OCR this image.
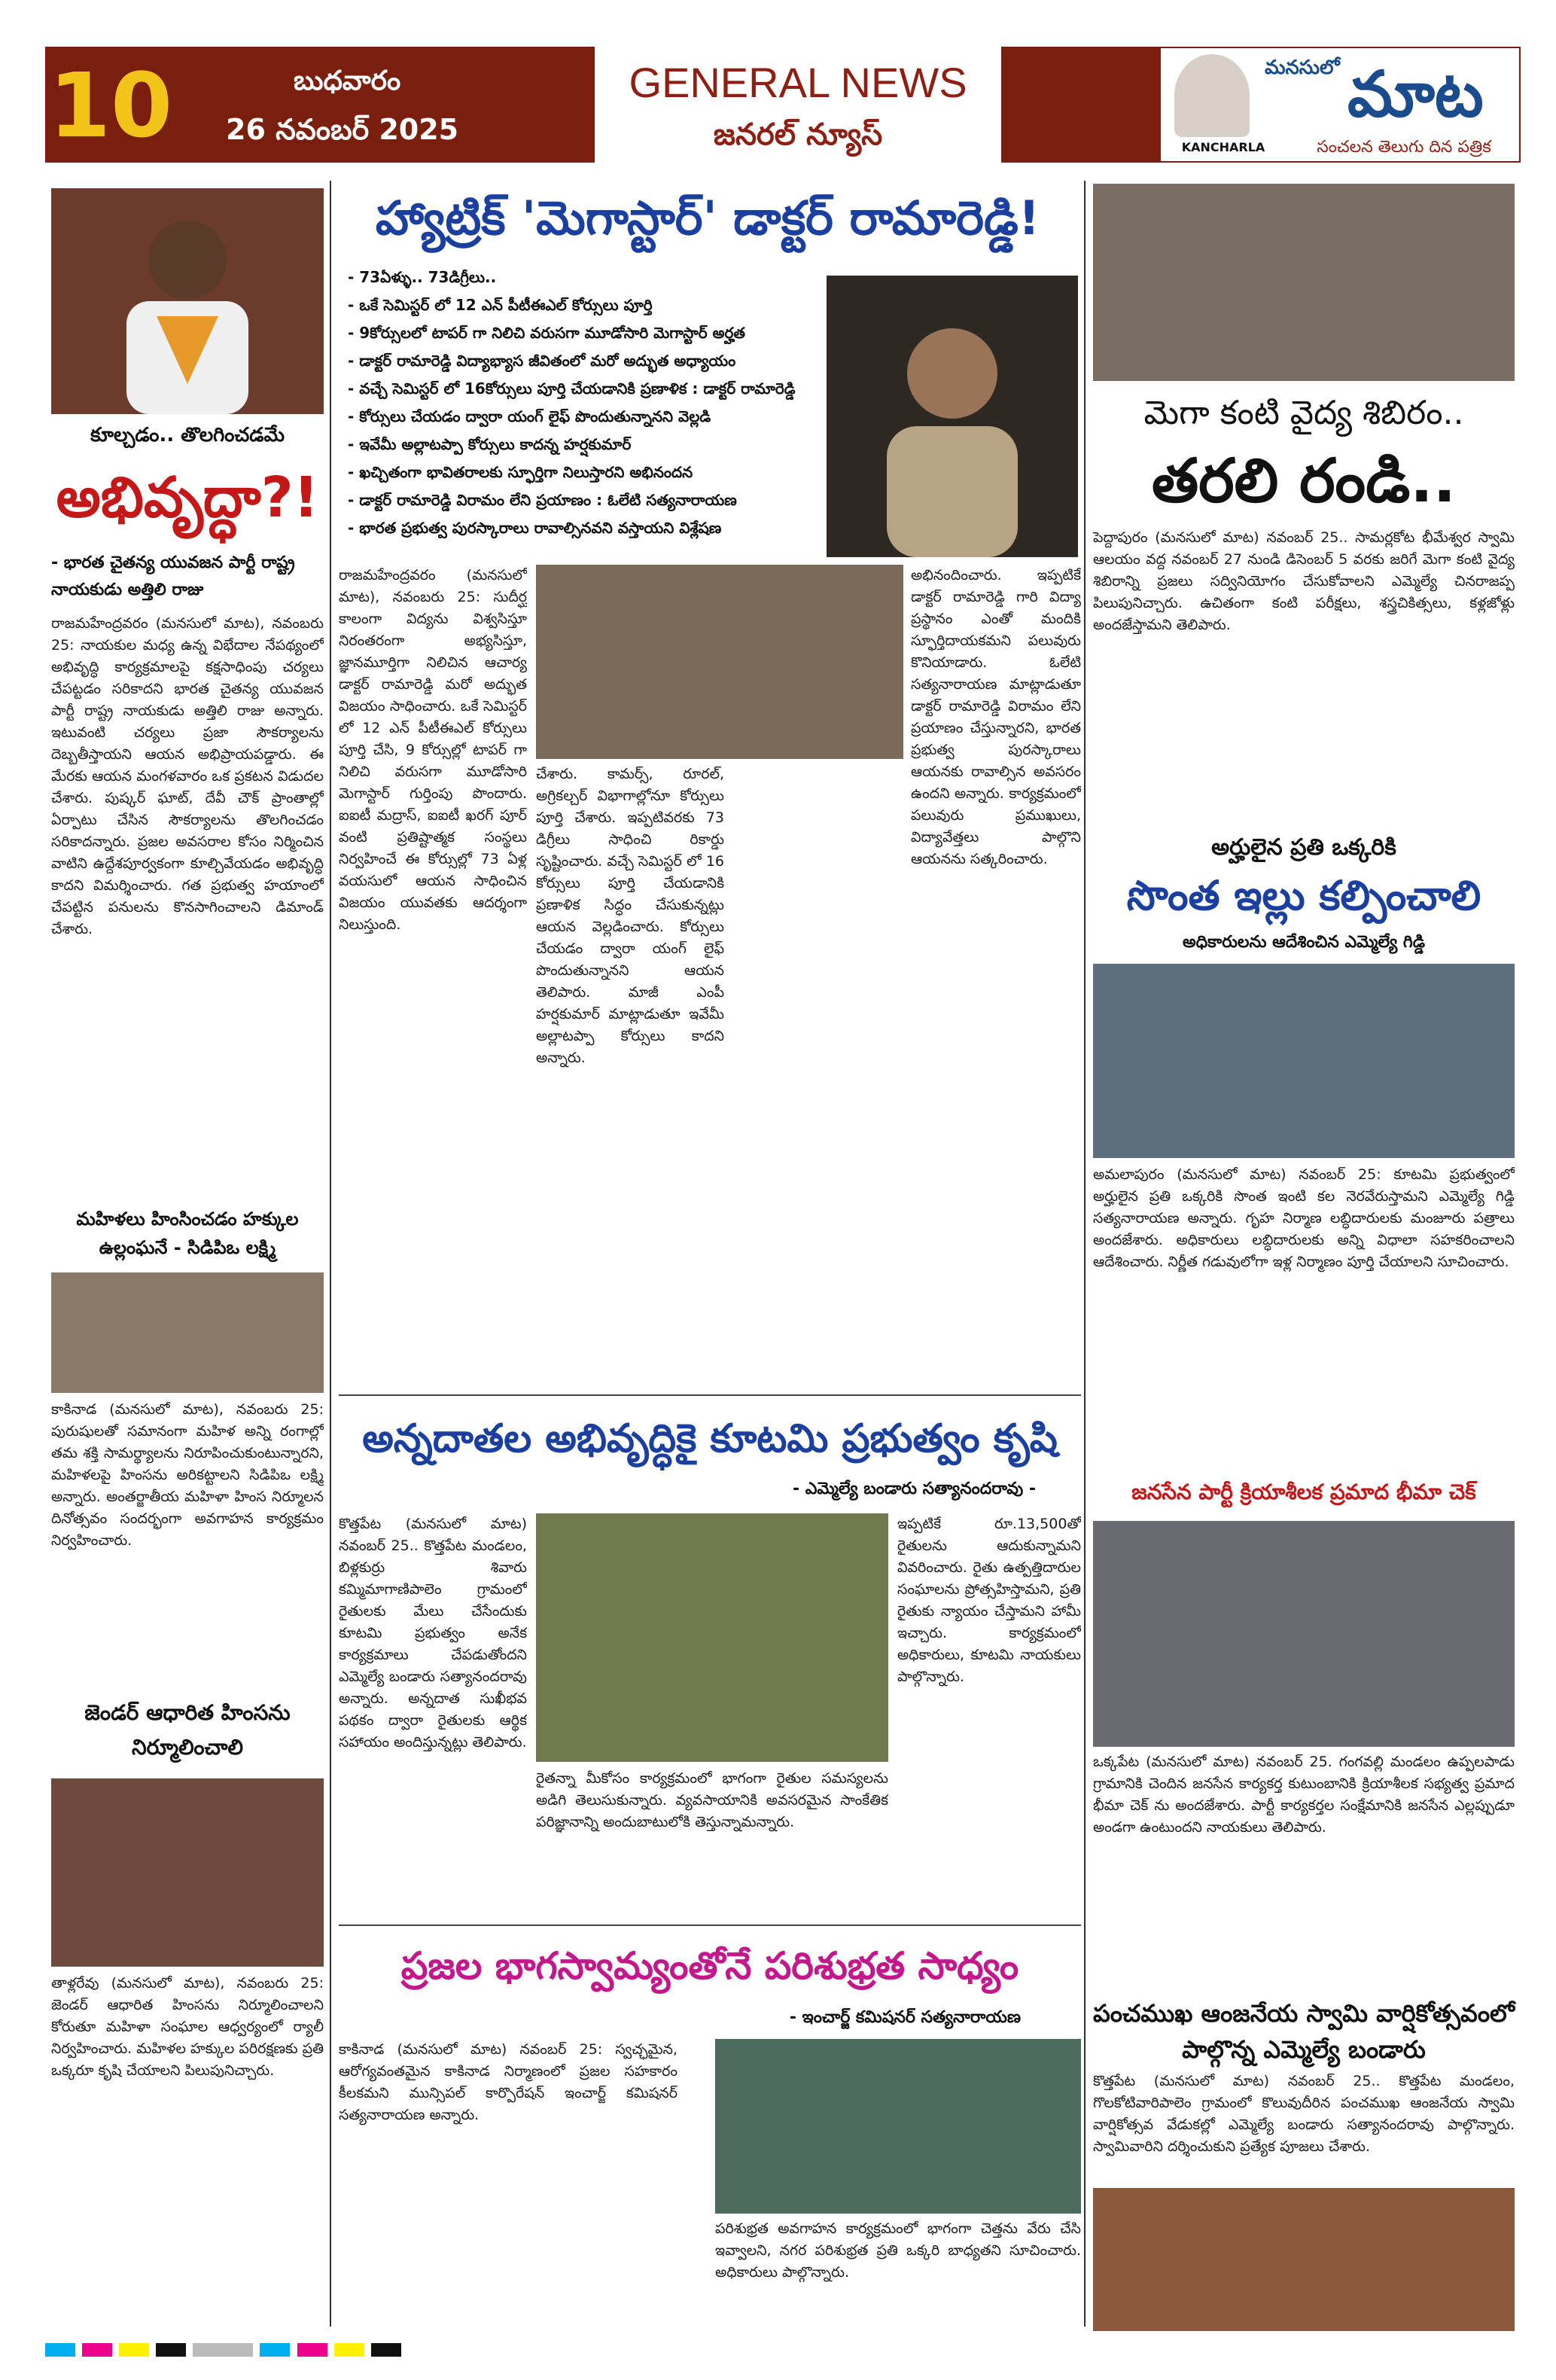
10	బుధవారం
26 నవంబర్ 2025
GENERAL NEWS
జనరల్ న్యూస్
మనసులో మాట
KANCHARLA	సంచలన తెలుగు దిన పత్రిక
కూల్చడం.. తొలగించడమే
అభివృద్ధా?!
- భారత చైతన్య యువజన పార్టీ రాష్ట్ర నాయకుడు అత్తిలి రాజు
రాజమహేంద్రవరం (మనసులో మాట), నవంబరు 25: నాయకుల మధ్య ఉన్న విభేదాల నేపథ్యంలో అభివృద్ధి కార్యక్రమాలపై కక్షసాధింపు చర్యలు చేపట్టడం సరికాదని భారత చైతన్య యువజన పార్టీ రాష్ట్ర నాయకుడు అత్తిలి రాజు అన్నారు. ఇటువంటి చర్యలు ప్రజా సౌకర్యాలను దెబ్బతీస్తాయని ఆయన అభిప్రాయపడ్డారు. ఈ మేరకు ఆయన మంగళవారం ఒక ప్రకటన విడుదల చేశారు. పుష్కర్ ఘాట్, దేవీ చౌక్ ప్రాంతాల్లో ఏర్పాటు చేసిన సౌకర్యాలను తొలగించడం సరికాదన్నారు. ప్రజల అవసరాల కోసం నిర్మించిన వాటిని ఉద్దేశపూర్వకంగా కూల్చివేయడం అభివృద్ధి కాదని విమర్శించారు. గత ప్రభుత్వ హయాంలో చేపట్టిన పనులను కొనసాగించాలని డిమాండ్ చేశారు.
మహిళలు హింసించడం హక్కుల ఉల్లంఘనే - సిడిపిఒ లక్ష్మి
కాకినాడ (మనసులో మాట), నవంబరు 25: పురుషులతో సమానంగా మహిళ అన్ని రంగాల్లో తమ శక్తి సామర్థ్యాలను నిరూపించుకుంటున్నారని, మహిళలపై హింసను అరికట్టాలని సిడిపిఒ లక్ష్మి అన్నారు. అంతర్జాతీయ మహిళా హింస నిర్మూలన దినోత్సవం సందర్భంగా అవగాహన కార్యక్రమం నిర్వహించారు.
జెండర్ ఆధారిత హింసను నిర్మూలించాలి
తాళ్లరేవు (మనసులో మాట), నవంబరు 25: జెండర్ ఆధారిత హింసను నిర్మూలించాలని కోరుతూ మహిళా సంఘాల ఆధ్వర్యంలో ర్యాలీ నిర్వహించారు. మహిళల హక్కుల పరిరక్షణకు ప్రతి ఒక్కరూ కృషి చేయాలని పిలుపునిచ్చారు.
హ్యాట్రిక్ 'మెగాస్టార్' డాక్టర్ రామారెడ్డి!
- 73ఏళ్ళు.. 73డిగ్రీలు..
- ఒకే సెమిస్టర్ లో 12 ఎన్ పీటీఈఎల్ కోర్సులు పూర్తి
- 9కోర్సులలో టాపర్ గా నిలిచి వరుసగా మూడోసారి మెగాస్టార్ అర్హత
- డాక్టర్ రామారెడ్డి విద్యాభ్యాస జీవితంలో మరో అద్భుత అధ్యాయం
- వచ్చే సెమిస్టర్ లో 16కోర్సులు పూర్తి చేయడానికి ప్రణాళిక : డాక్టర్ రామారెడ్డి
- కోర్సులు చేయడం ద్వారా యంగ్ లైఫ్ పొందుతున్నానని వెల్లడి
- ఇవేమీ అల్లాటప్పా కోర్సులు కాదన్న హర్షకుమార్
- ఖచ్చితంగా భావితరాలకు స్ఫూర్తిగా నిలుస్తారని అభినందన
- డాక్టర్ రామారెడ్డి విరామం లేని ప్రయాణం : ఓలేటి సత్యనారాయణ
- భారత ప్రభుత్వ పురస్కారాలు రావాల్సినవని వస్తాయని విశ్లేషణ
రాజమహేంద్రవరం (మనసులో మాట), నవంబరు 25: సుదీర్ఘ కాలంగా విద్యను విశ్వసిస్తూ నిరంతరంగా అభ్యసిస్తూ, జ్ఞానమూర్తిగా నిలిచిన ఆచార్య డాక్టర్ రామారెడ్డి మరో అద్భుత విజయం సాధించారు. ఒకే సెమిస్టర్ లో 12 ఎన్ పీటీఈఎల్ కోర్సులు పూర్తి చేసి, 9 కోర్సుల్లో టాపర్ గా నిలిచి వరుసగా మూడోసారి మెగాస్టార్ గుర్తింపు పొందారు. ఐఐటీ మద్రాస్, ఐఐటీ ఖరగ్ పూర్ వంటి ప్రతిష్టాత్మక సంస్థలు నిర్వహించే ఈ కోర్సుల్లో 73 ఏళ్ల వయసులో ఆయన సాధించిన విజయం యువతకు ఆదర్శంగా నిలుస్తుంది.
చేశారు. కామర్స్, రూరల్, అగ్రికల్చర్ విభాగాల్లోనూ కోర్సులు పూర్తి చేశారు. ఇప్పటివరకు 73 డిగ్రీలు సాధించి రికార్డు సృష్టించారు. వచ్చే సెమిస్టర్ లో 16 కోర్సులు పూర్తి చేయడానికి ప్రణాళిక సిద్ధం చేసుకున్నట్లు ఆయన వెల్లడించారు. కోర్సులు చేయడం ద్వారా యంగ్ లైఫ్ పొందుతున్నానని ఆయన తెలిపారు. మాజీ ఎంపీ హర్షకుమార్ మాట్లాడుతూ ఇవేమీ అల్లాటప్పా కోర్సులు కాదని అన్నారు.
అభినందించారు. ఇప్పటికే డాక్టర్ రామారెడ్డి గారి విద్యా ప్రస్థానం ఎంతో మందికి స్ఫూర్తిదాయకమని పలువురు కొనియాడారు. ఓలేటి సత్యనారాయణ మాట్లాడుతూ డాక్టర్ రామారెడ్డి విరామం లేని ప్రయాణం చేస్తున్నారని, భారత ప్రభుత్వ పురస్కారాలు ఆయనకు రావాల్సిన అవసరం ఉందని అన్నారు. కార్యక్రమంలో పలువురు ప్రముఖులు, విద్యావేత్తలు పాల్గొని ఆయనను సత్కరించారు.
అన్నదాతల అభివృద్ధికై కూటమి ప్రభుత్వం కృషి
- ఎమ్మెల్యే బండారు సత్యానందరావు -
కొత్తపేట (మనసులో మాట) నవంబర్ 25.. కొత్తపేట మండలం, బిళ్లకుర్రు శివారు కమ్మిమాగాణిపాలెం గ్రామంలో రైతులకు మేలు చేసేందుకు కూటమి ప్రభుత్వం అనేక కార్యక్రమాలు చేపడుతోందని ఎమ్మెల్యే బండారు సత్యానందరావు అన్నారు. అన్నదాత సుఖీభవ పథకం ద్వారా రైతులకు ఆర్థిక సహాయం అందిస్తున్నట్లు తెలిపారు.
రైతన్నా మీకోసం కార్యక్రమంలో భాగంగా రైతుల సమస్యలను అడిగి తెలుసుకున్నారు. వ్యవసాయానికి అవసరమైన సాంకేతిక పరిజ్ఞానాన్ని అందుబాటులోకి తెస్తున్నామన్నారు.
ఇప్పటికే రూ.13,500తో రైతులను ఆదుకున్నామని వివరించారు. రైతు ఉత్పత్తిదారుల సంఘాలను ప్రోత్సహిస్తామని, ప్రతి రైతుకు న్యాయం చేస్తామని హామీ ఇచ్చారు. కార్యక్రమంలో అధికారులు, కూటమి నాయకులు పాల్గొన్నారు.
ప్రజల భాగస్వామ్యంతోనే పరిశుభ్రత సాధ్యం
- ఇంచార్జ్ కమిషనర్ సత్యనారాయణ
కాకినాడ (మనసులో మాట) నవంబర్ 25: స్వచ్ఛమైన, ఆరోగ్యవంతమైన కాకినాడ నిర్మాణంలో ప్రజల సహకారం కీలకమని మున్సిపల్ కార్పొరేషన్ ఇంచార్జ్ కమిషనర్ సత్యనారాయణ అన్నారు.
పరిశుభ్రత అవగాహన కార్యక్రమంలో భాగంగా చెత్తను వేరు చేసి ఇవ్వాలని, నగర పరిశుభ్రత ప్రతి ఒక్కరి బాధ్యతని సూచించారు. అధికారులు పాల్గొన్నారు.
మెగా కంటి వైద్య శిబిరం..
తరలి రండి..
పెద్దాపురం (మనసులో మాట) నవంబర్ 25.. సామర్లకోట భీమేశ్వర స్వామి ఆలయం వద్ద నవంబర్ 27 నుండి డిసెంబర్ 5 వరకు జరిగే మెగా కంటి వైద్య శిబిరాన్ని ప్రజలు సద్వినియోగం చేసుకోవాలని ఎమ్మెల్యే చినరాజప్ప పిలుపునిచ్చారు. ఉచితంగా కంటి పరీక్షలు, శస్త్రచికిత్సలు, కళ్లజోళ్లు అందజేస్తామని తెలిపారు.
అర్హులైన ప్రతి ఒక్కరికి
సొంత ఇల్లు కల్పించాలి
అధికారులను ఆదేశించిన ఎమ్మెల్యే గిడ్డి
అమలాపురం (మనసులో మాట) నవంబర్ 25: కూటమి ప్రభుత్వంలో అర్హులైన ప్రతి ఒక్కరికి సొంత ఇంటి కల నెరవేరుస్తామని ఎమ్మెల్యే గిడ్డి సత్యనారాయణ అన్నారు. గృహ నిర్మాణ లబ్ధిదారులకు మంజూరు పత్రాలు అందజేశారు. అధికారులు లబ్ధిదారులకు అన్ని విధాలా సహకరించాలని ఆదేశించారు. నిర్ణీత గడువులోగా ఇళ్ల నిర్మాణం పూర్తి చేయాలని సూచించారు.
జనసేన పార్టీ క్రియాశీలక ప్రమాద భీమా చెక్
ఒక్కపేట (మనసులో మాట) నవంబర్ 25. గంగవల్లి మండలం ఉప్పలపాడు గ్రామానికి చెందిన జనసేన కార్యకర్త కుటుంబానికి క్రియాశీలక సభ్యత్వ ప్రమాద భీమా చెక్ ను అందజేశారు. పార్టీ కార్యకర్తల సంక్షేమానికి జనసేన ఎల్లప్పుడూ అండగా ఉంటుందని నాయకులు తెలిపారు.
పంచముఖ ఆంజనేయ స్వామి వార్షికోత్సవంలో పాల్గొన్న ఎమ్మెల్యే బండారు
కొత్తపేట (మనసులో మాట) నవంబర్ 25.. కొత్తపేట మండలం, గొలకోటివారిపాలెం గ్రామంలో కొలువుదీరిన పంచముఖ ఆంజనేయ స్వామి వార్షికోత్సవ వేడుకల్లో ఎమ్మెల్యే బండారు సత్యానందరావు పాల్గొన్నారు. స్వామివారిని దర్శించుకుని ప్రత్యేక పూజలు చేశారు.
